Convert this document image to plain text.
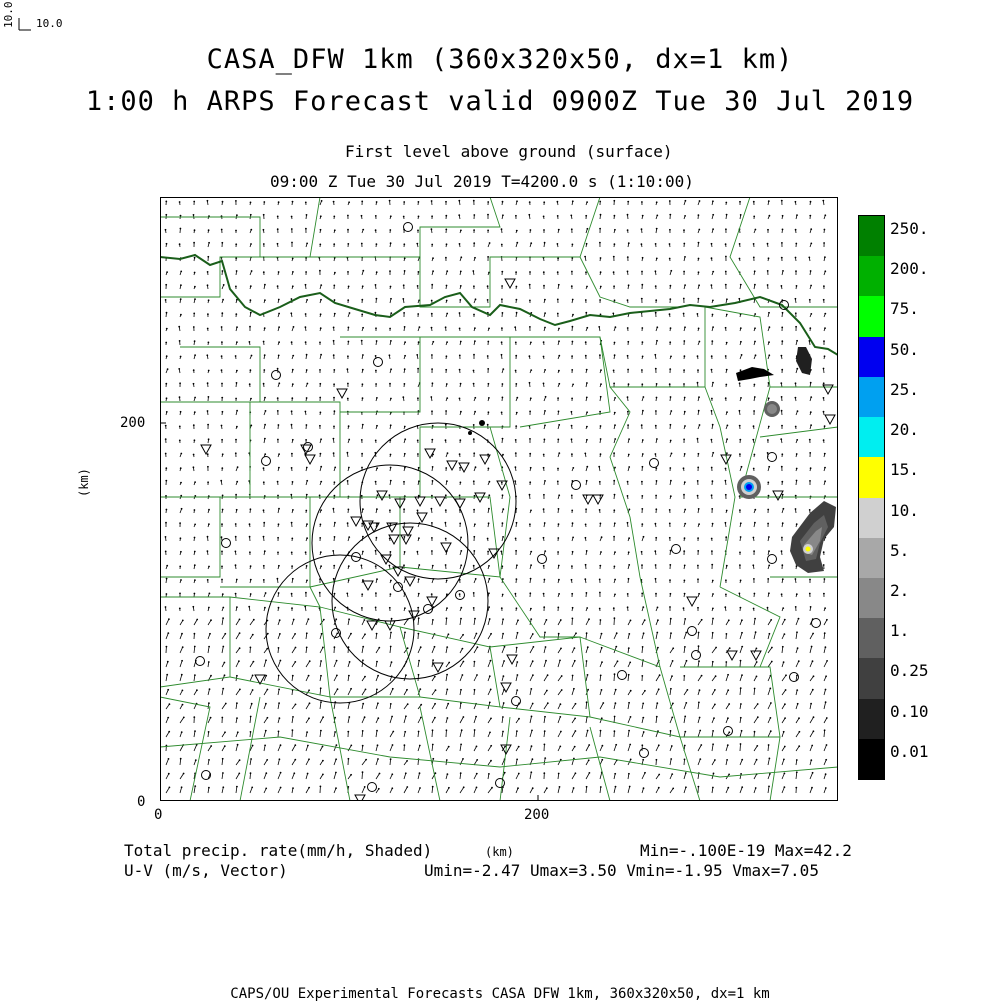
CASA_DFW 1km (360x320x50, dx=1 km)
1:00 h ARPS Forecast valid 0900Z Tue 30 Jul 2019
First level above ground (surface)
09:00 Z Tue 30 Jul 2019 T=4200.0 s (1:10:00)
10.0 10.0
200
0
(km)
0	200
(km)
250.
200.
75.
50.
25.
20.
15.
10.
5.
2.
1.
0.25
0.10
0.01
Total precip. rate(mm/h, Shaded)
U-V (m/s, Vector)
Min=-.100E-19 Max=42.2
Umin=-2.47 Umax=3.50 Vmin=-1.95 Vmax=7.05
CAPS/OU Experimental Forecasts CASA DFW 1km, 360x320x50, dx=1 km
